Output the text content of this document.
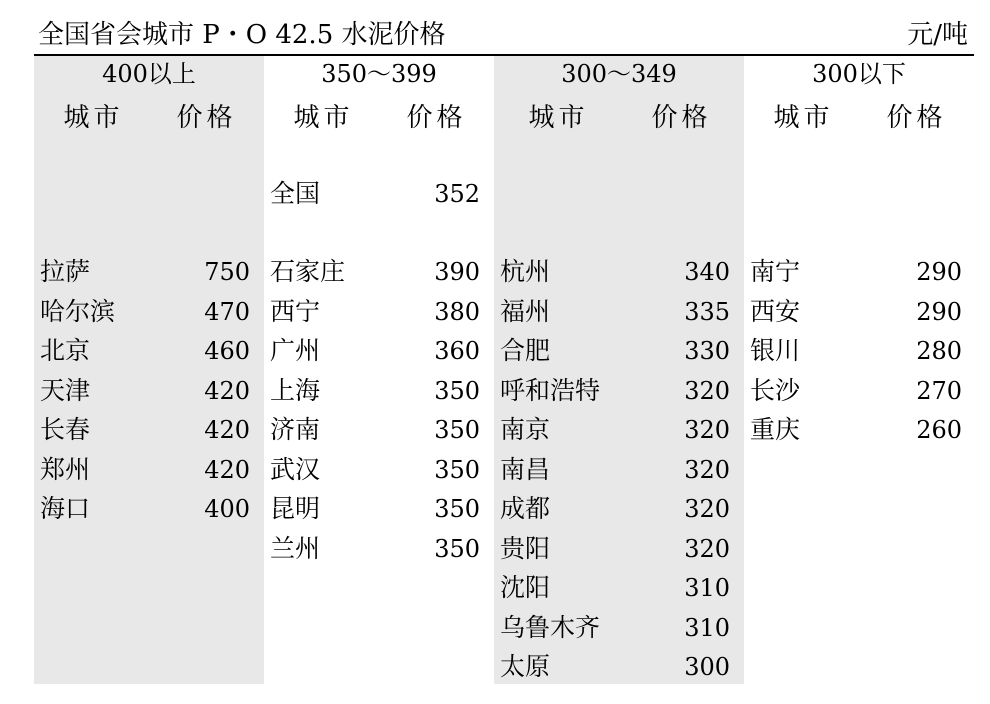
全国省会城市 P・O 42.5 水泥价格	元/吨
400以上
城市	价格
拉萨	750
哈尔滨	470
北京	460
天津	420
长春	420
郑州	420
海口	400
350～399
城市	价格
全国	352
石家庄	390
西宁	380
广州	360
上海	350
济南	350
武汉	350
昆明	350
兰州	350
300～349
城市	价格
杭州	340
福州	335
合肥	330
呼和浩特	320
南京	320
南昌	320
成都	320
贵阳	320
沈阳	310
乌鲁木齐	310
太原	300
300以下
城市	价格
南宁	290
西安	290
银川	280
长沙	270
重庆	260
